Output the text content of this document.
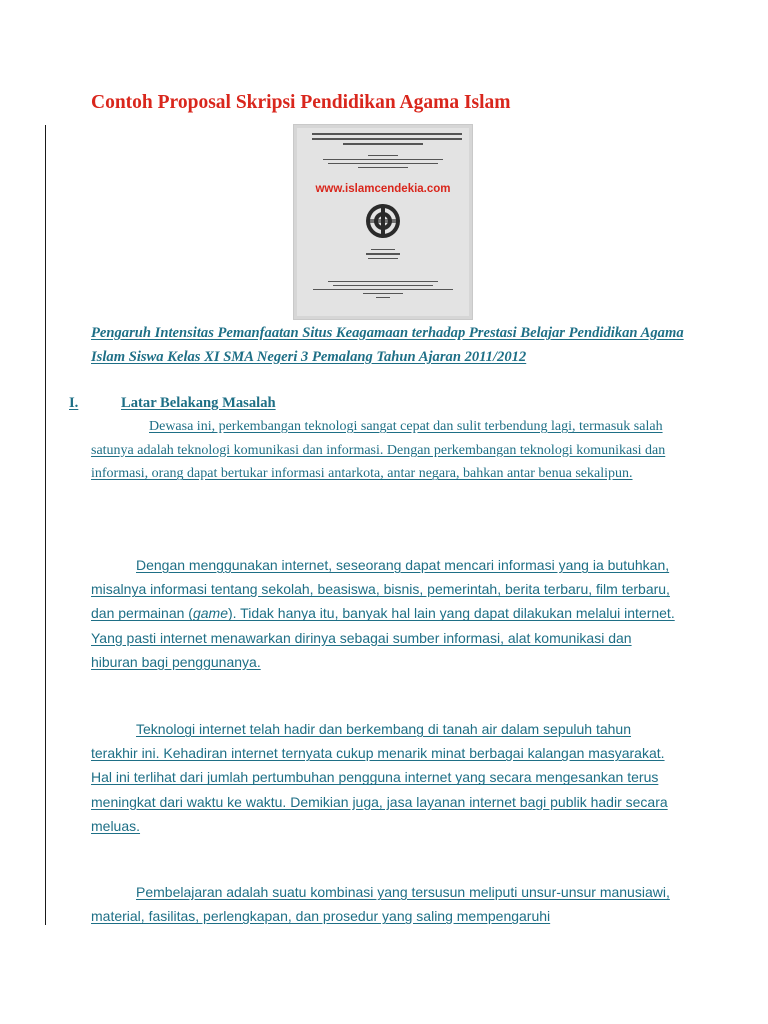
Contoh Proposal Skripsi Pendidikan Agama Islam
www.islamcendekia.com

Pengaruh Intensitas Pemanfaatan Situs Keagamaan terhadap Prestasi Belajar Pendidikan Agama Islam Siswa Kelas XI SMA Negeri 3 Pemalang Tahun Ajaran 2011/2012

I.	Latar Belakang Masalah

Dewasa ini, perkembangan teknologi sangat cepat dan sulit terbendung lagi, termasuk salah satunya adalah teknologi komunikasi dan informasi. Dengan perkembangan teknologi komunikasi dan informasi, orang dapat bertukar informasi antarkota, antar negara, bahkan antar benua sekalipun.

Dengan menggunakan internet, seseorang dapat mencari informasi yang ia butuhkan, misalnya informasi tentang sekolah, beasiswa, bisnis, pemerintah, berita terbaru, film terbaru, dan permainan (game). Tidak hanya itu, banyak hal lain yang dapat dilakukan melalui internet. Yang pasti internet menawarkan dirinya sebagai sumber informasi, alat komunikasi dan hiburan bagi penggunanya.

Teknologi internet telah hadir dan berkembang di tanah air dalam sepuluh tahun terakhir ini. Kehadiran internet ternyata cukup menarik minat berbagai kalangan masyarakat. Hal ini terlihat dari jumlah pertumbuhan pengguna internet yang secara mengesankan terus meningkat dari waktu ke waktu. Demikian juga, jasa layanan internet bagi publik hadir secara meluas.

Pembelajaran adalah suatu kombinasi yang tersusun meliputi unsur-unsur manusiawi, material, fasilitas, perlengkapan, dan prosedur yang saling mempengaruhi
